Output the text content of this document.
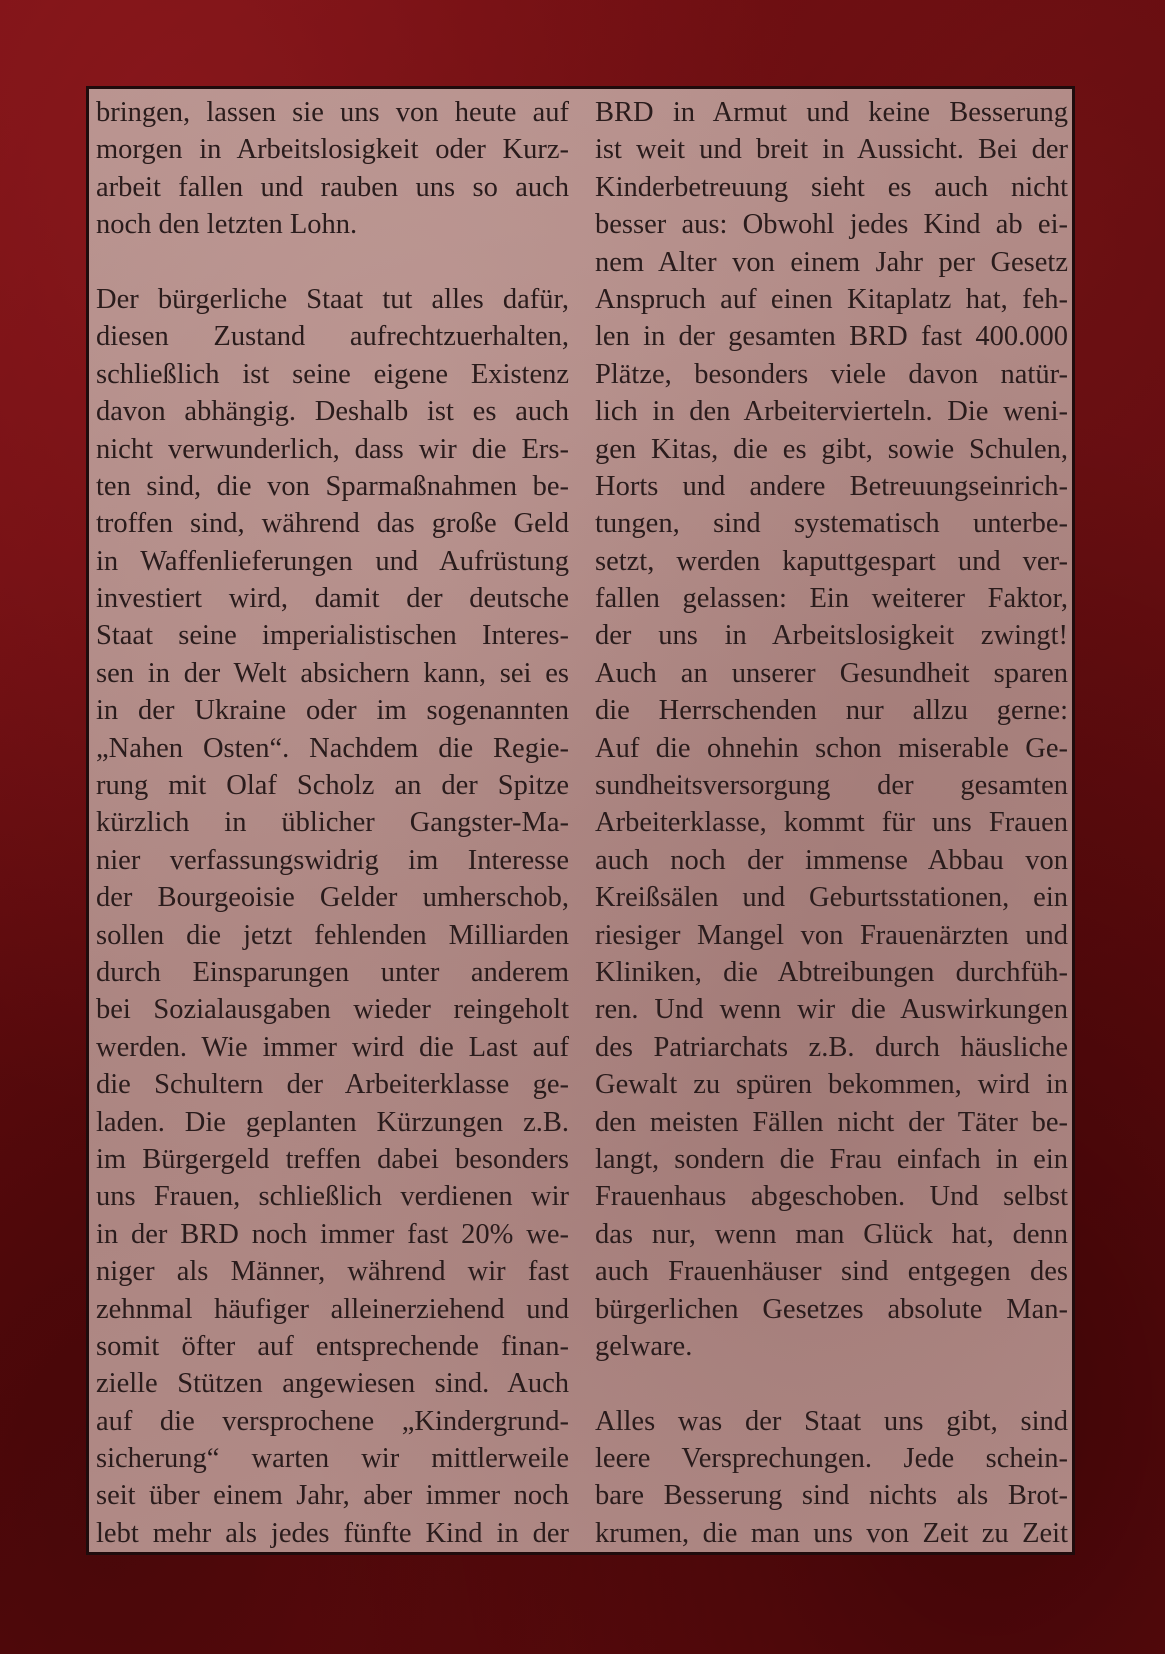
bringen, lassen sie uns von heute auf
morgen in Arbeitslosigkeit oder Kurz-
arbeit fallen und rauben uns so auch
noch den letzten Lohn.
Der bürgerliche Staat tut alles dafür,
diesen Zustand aufrechtzuerhalten,
schließlich ist seine eigene Existenz
davon abhängig. Deshalb ist es auch
nicht verwunderlich, dass wir die Ers-
ten sind, die von Sparmaßnahmen be-
troffen sind, während das große Geld
in Waffenlieferungen und Aufrüstung
investiert wird, damit der deutsche
Staat seine imperialistischen Interes-
sen in der Welt absichern kann, sei es
in der Ukraine oder im sogenannten
„Nahen Osten“. Nachdem die Regie-
rung mit Olaf Scholz an der Spitze
kürzlich in üblicher Gangster-Ma-
nier verfassungswidrig im Interesse
der Bourgeoisie Gelder umherschob,
sollen die jetzt fehlenden Milliarden
durch Einsparungen unter anderem
bei Sozialausgaben wieder reingeholt
werden. Wie immer wird die Last auf
die Schultern der Arbeiterklasse ge-
laden. Die geplanten Kürzungen z.B.
im Bürgergeld treffen dabei besonders
uns Frauen, schließlich verdienen wir
in der BRD noch immer fast 20% we-
niger als Männer, während wir fast
zehnmal häufiger alleinerziehend und
somit öfter auf entsprechende finan-
zielle Stützen angewiesen sind. Auch
auf die versprochene „Kindergrund-
sicherung“ warten wir mittlerweile
seit über einem Jahr, aber immer noch
lebt mehr als jedes fünfte Kind in der
BRD in Armut und keine Besserung
ist weit und breit in Aussicht. Bei der
Kinderbetreuung sieht es auch nicht
besser aus: Obwohl jedes Kind ab ei-
nem Alter von einem Jahr per Gesetz
Anspruch auf einen Kitaplatz hat, feh-
len in der gesamten BRD fast 400.000
Plätze, besonders viele davon natür-
lich in den Arbeitervierteln. Die weni-
gen Kitas, die es gibt, sowie Schulen,
Horts und andere Betreuungseinrich-
tungen, sind systematisch unterbe-
setzt, werden kaputtgespart und ver-
fallen gelassen: Ein weiterer Faktor,
der uns in Arbeitslosigkeit zwingt!
Auch an unserer Gesundheit sparen
die Herrschenden nur allzu gerne:
Auf die ohnehin schon miserable Ge-
sundheitsversorgung der gesamten
Arbeiterklasse, kommt für uns Frauen
auch noch der immense Abbau von
Kreißsälen und Geburtsstationen, ein
riesiger Mangel von Frauenärzten und
Kliniken, die Abtreibungen durchfüh-
ren. Und wenn wir die Auswirkungen
des Patriarchats z.B. durch häusliche
Gewalt zu spüren bekommen, wird in
den meisten Fällen nicht der Täter be-
langt, sondern die Frau einfach in ein
Frauenhaus abgeschoben. Und selbst
das nur, wenn man Glück hat, denn
auch Frauenhäuser sind entgegen des
bürgerlichen Gesetzes absolute Man-
gelware.
Alles was der Staat uns gibt, sind
leere Versprechungen. Jede schein-
bare Besserung sind nichts als Brot-
krumen, die man uns von Zeit zu Zeit
